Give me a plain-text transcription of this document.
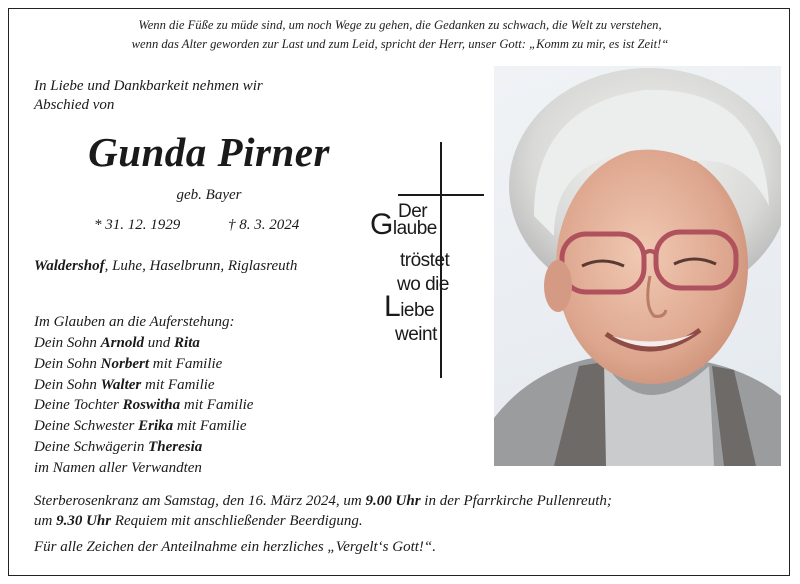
Wenn die Füße zu müde sind, um noch Wege zu gehen, die Gedanken zu schwach, die Welt zu verstehen,
wenn das Alter geworden zur Last und zum Leid, spricht der Herr, unser Gott: „Komm zu mir, es ist Zeit!“
In Liebe und Dankbarkeit nehmen wir
Abschied von
Gunda Pirner
geb. Bayer
* 31. 12. 1929	† 8. 3. 2024
Waldershof, Luhe, Haselbrunn, Riglasreuth
Im Glauben an die Auferstehung:
Dein Sohn Arnold und Rita
Dein Sohn Norbert mit Familie
Dein Sohn Walter mit Familie
Deine Tochter Roswitha mit Familie
Deine Schwester Erika mit Familie
Deine Schwägerin Theresia
im Namen aller Verwandten
Der
Glaube
tröstet
wo die
Liebe
weint
Sterberosenkranz am Samstag, den 16. März 2024, um 9.00 Uhr in der Pfarrkirche Pullenreuth;
um 9.30 Uhr Requiem mit anschließender Beerdigung.
Für alle Zeichen der Anteilnahme ein herzliches „Vergelt‘s Gott!“.
